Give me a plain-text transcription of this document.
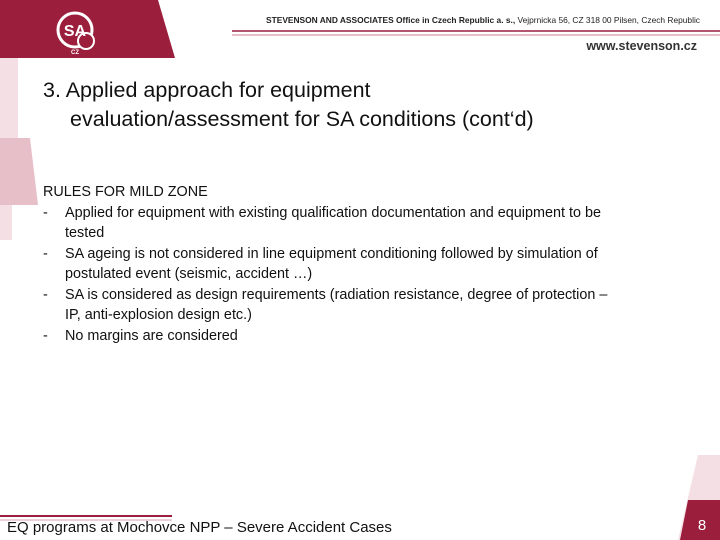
SA
CZ
STEVENSON AND ASSOCIATES Office in Czech Republic a. s., Vejprnicka 56, CZ 318 00 Pilsen, Czech Republic
www.stevenson.cz
3. Applied approach for equipment
evaluation/assessment for SA conditions (cont‘d)
RULES FOR MILD ZONE
-	Applied for equipment with existing qualification documentation and equipment to be
tested
-	SA ageing is not considered in line equipment conditioning followed by simulation of
postulated event (seismic, accident …)
-	SA is considered as design requirements (radiation resistance, degree of protection –
IP, anti-explosion design etc.)
-	No margins are considered
EQ programs at Mochovce NPP – Severe Accident Cases	8
